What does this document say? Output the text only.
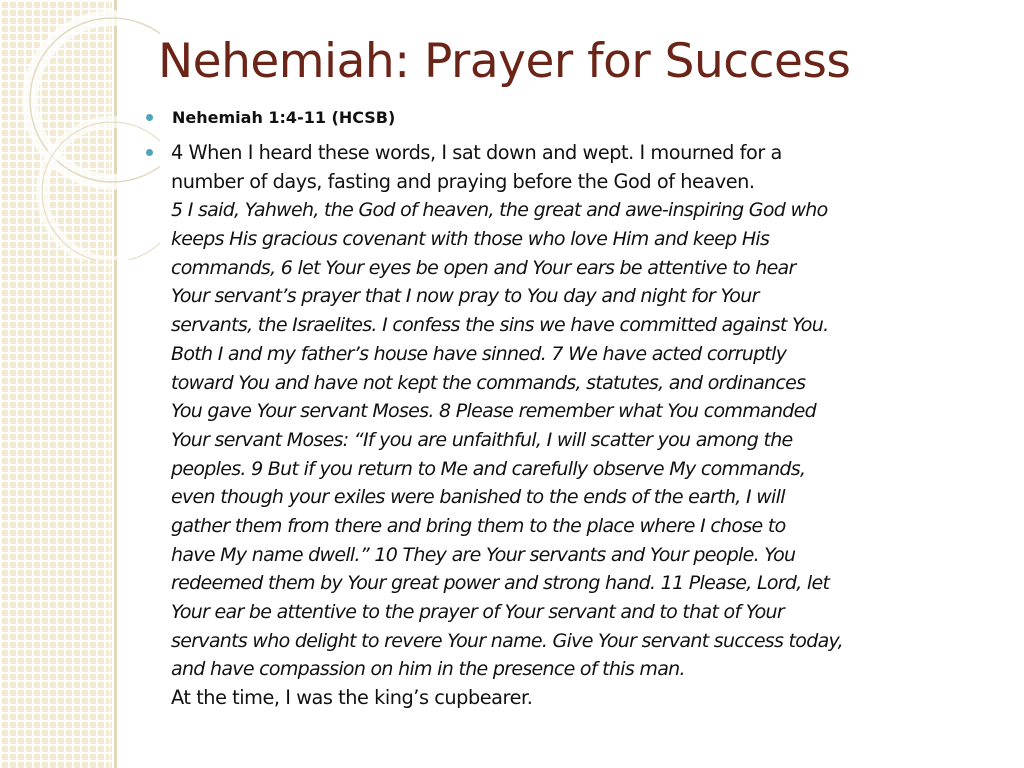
Nehemiah: Prayer for Success
Nehemiah 1:4-11 (HCSB)
4 When I heard these words, I sat down and wept. I mourned for a
number of days, fasting and praying before the God of heaven.
5 I said, Yahweh, the God of heaven, the great and awe-inspiring God who
keeps His gracious covenant with those who love Him and keep His
commands, 6 let Your eyes be open and Your ears be attentive to hear
Your servant’s prayer that I now pray to You day and night for Your
servants, the Israelites. I confess the sins we have committed against You.
Both I and my father’s house have sinned. 7 We have acted corruptly
toward You and have not kept the commands, statutes, and ordinances
You gave Your servant Moses. 8 Please remember what You commanded
Your servant Moses: “If you are unfaithful, I will scatter you among the
peoples. 9 But if you return to Me and carefully observe My commands,
even though your exiles were banished to the ends of the earth, I will
gather them from there and bring them to the place where I chose to
have My name dwell.” 10 They are Your servants and Your people. You
redeemed them by Your great power and strong hand. 11 Please, Lord, let
Your ear be attentive to the prayer of Your servant and to that of Your
servants who delight to revere Your name. Give Your servant success today,
and have compassion on him in the presence of this man.
At the time, I was the king’s cupbearer.
